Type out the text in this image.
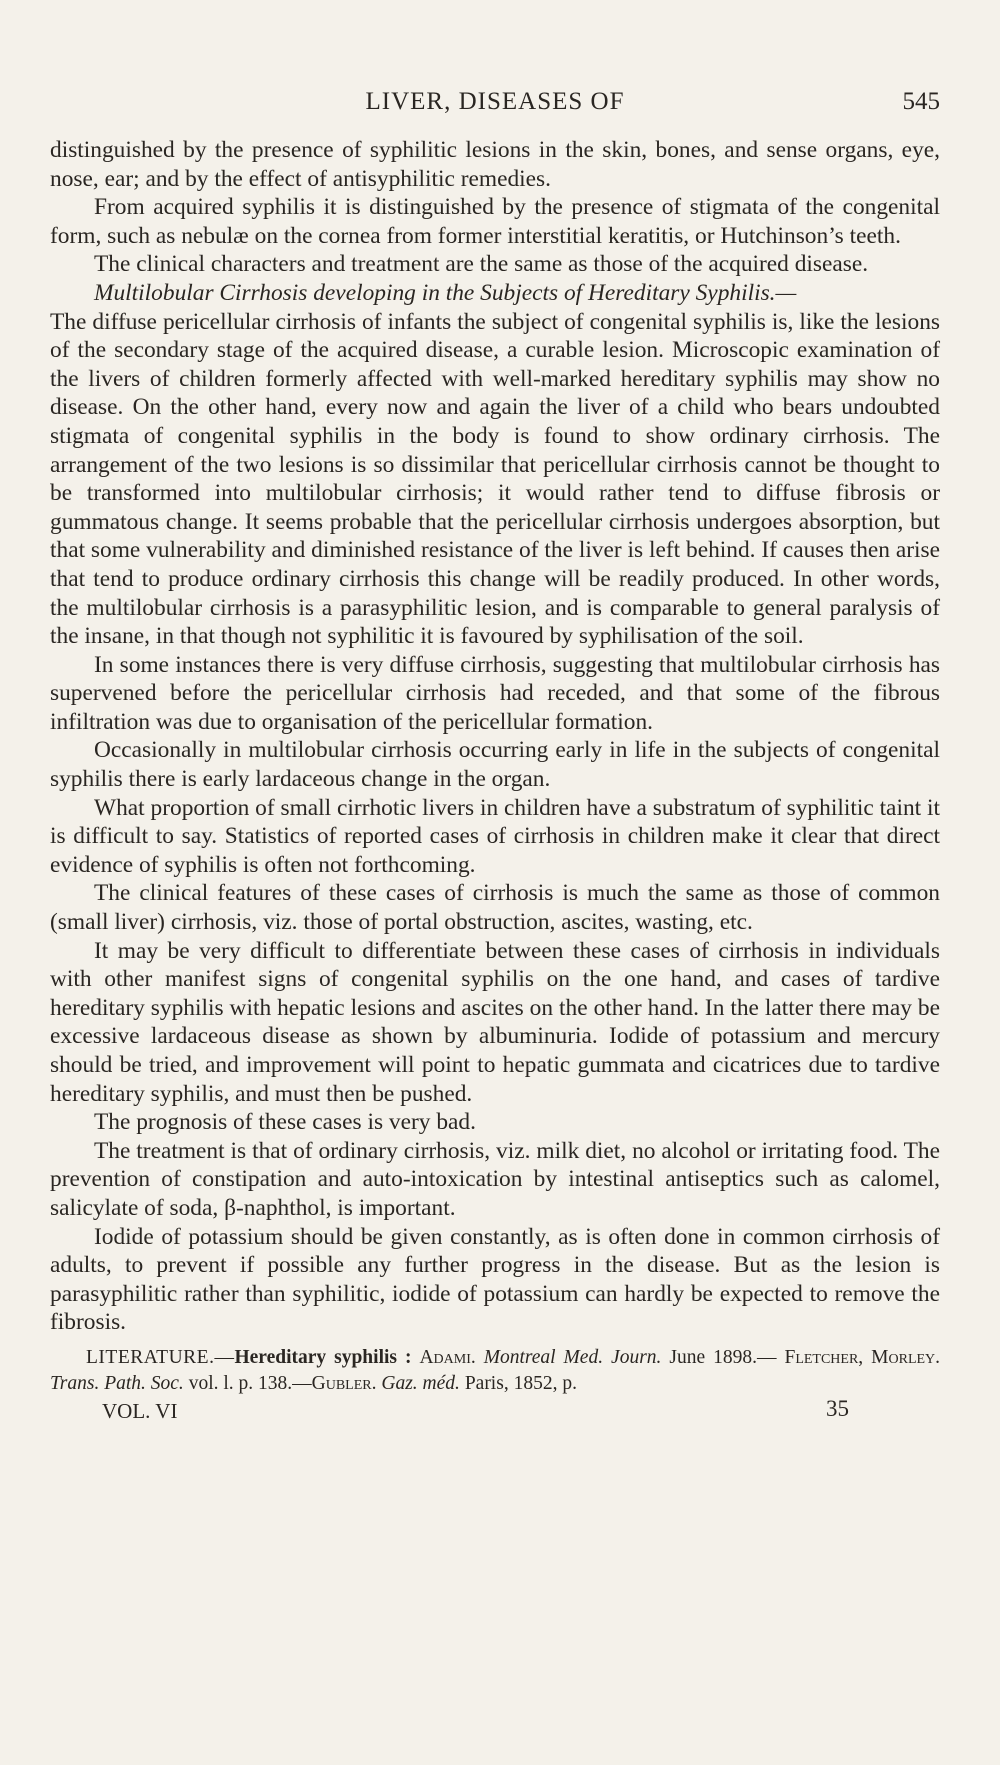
LIVER, DISEASES OF	545

distinguished by the presence of syphilitic lesions in the skin, bones, and sense organs, eye, nose, ear; and by the effect of antisyphilitic remedies.

From acquired syphilis it is distinguished by the presence of stigmata of the congenital form, such as nebulæ on the cornea from former interstitial keratitis, or Hutchinson’s teeth.

The clinical characters and treatment are the same as those of the acquired disease.

Multilobular Cirrhosis developing in the Subjects of Hereditary Syphilis.—
The diffuse pericellular cirrhosis of infants the subject of congenital syphilis is, like the lesions of the secondary stage of the acquired disease, a curable lesion. Microscopic examination of the livers of children formerly affected with well-marked hereditary syphilis may show no disease. On the other hand, every now and again the liver of a child who bears undoubted stigmata of congenital syphilis in the body is found to show ordinary cirrhosis. The arrangement of the two lesions is so dissimilar that pericellular cirrhosis cannot be thought to be transformed into multilobular cirrhosis; it would rather tend to diffuse fibrosis or gummatous change. It seems probable that the pericellular cirrhosis undergoes absorption, but that some vulnerability and diminished resistance of the liver is left behind. If causes then arise that tend to produce ordinary cirrhosis this change will be readily produced. In other words, the multilobular cirrhosis is a parasyphilitic lesion, and is comparable to general paralysis of the insane, in that though not syphilitic it is favoured by syphilisation of the soil.

In some instances there is very diffuse cirrhosis, suggesting that multilobular cirrhosis has supervened before the pericellular cirrhosis had receded, and that some of the fibrous infiltration was due to organisation of the pericellular formation.

Occasionally in multilobular cirrhosis occurring early in life in the subjects of congenital syphilis there is early lardaceous change in the organ.

What proportion of small cirrhotic livers in children have a substratum of syphilitic taint it is difficult to say. Statistics of reported cases of cirrhosis in children make it clear that direct evidence of syphilis is often not forthcoming.

The clinical features of these cases of cirrhosis is much the same as those of common (small liver) cirrhosis, viz. those of portal obstruction, ascites, wasting, etc.

It may be very difficult to differentiate between these cases of cirrhosis in individuals with other manifest signs of congenital syphilis on the one hand, and cases of tardive hereditary syphilis with hepatic lesions and ascites on the other hand. In the latter there may be excessive lardaceous disease as shown by albuminuria. Iodide of potassium and mercury should be tried, and improvement will point to hepatic gummata and cicatrices due to tardive hereditary syphilis, and must then be pushed.

The prognosis of these cases is very bad.

The treatment is that of ordinary cirrhosis, viz. milk diet, no alcohol or irritating food. The prevention of constipation and auto-intoxication by intestinal antiseptics such as calomel, salicylate of soda, β-naphthol, is important.

Iodide of potassium should be given constantly, as is often done in common cirrhosis of adults, to prevent if possible any further progress in the disease. But as the lesion is parasyphilitic rather than syphilitic, iodide of potassium can hardly be expected to remove the fibrosis.

LITERATURE.—Hereditary syphilis : Adami. Montreal Med. Journ. June 1898.— Fletcher, Morley. Trans. Path. Soc. vol. l. p. 138.—Gubler. Gaz. méd. Paris, 1852, p.
VOL. VI	35
